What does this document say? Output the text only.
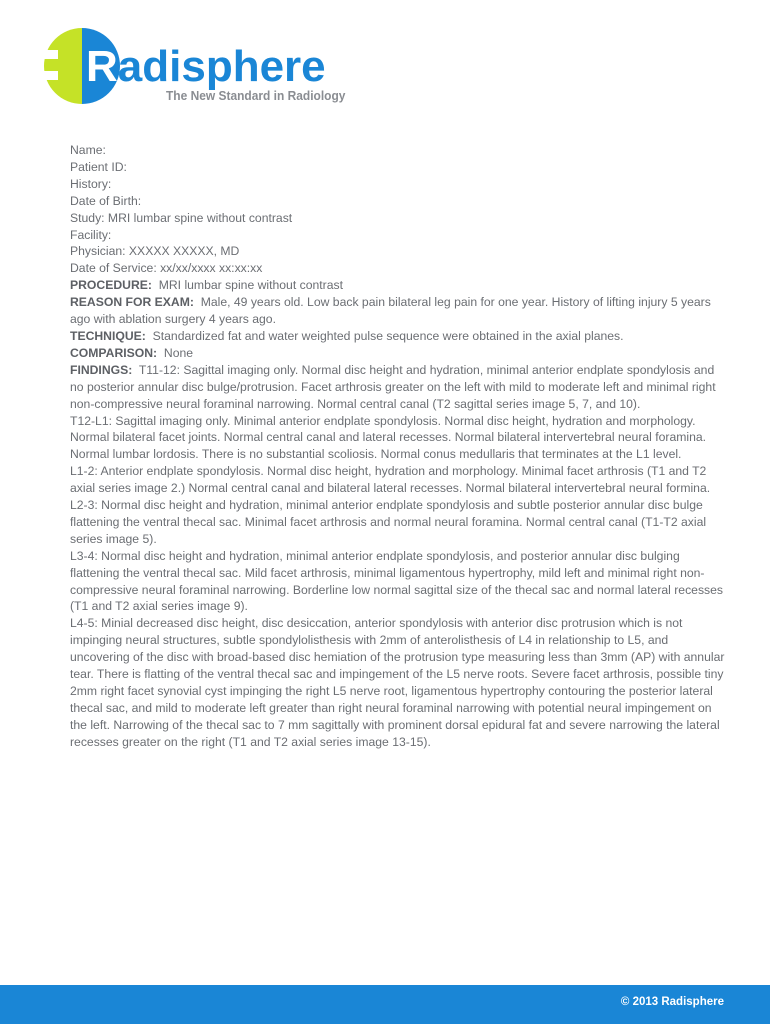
Radisphere
The New Standard in Radiology

Name:

Patient ID:

History:

Date of Birth:

Study: MRI lumbar spine without contrast

Facility:

Physician: XXXXX XXXXX, MD

Date of Service: xx/xx/xxxx xx:xx:xx

PROCEDURE: MRI lumbar spine without contrast

REASON FOR EXAM: Male, 49 years old. Low back pain bilateral leg pain for one year. History of lifting injury 5 years ago with ablation surgery 4 years ago.

TECHNIQUE: Standardized fat and water weighted pulse sequence were obtained in the axial planes.

COMPARISON: None

FINDINGS: T11-12: Sagittal imaging only. Normal disc height and hydration, minimal anterior endplate spondylosis and no posterior annular disc bulge/protrusion. Facet arthrosis greater on the left with mild to moderate left and minimal right non-compressive neural foraminal narrowing. Normal central canal (T2 sagittal series image 5, 7, and 10).

T12-L1: Sagittal imaging only. Minimal anterior endplate spondylosis. Normal disc height, hydration and morphology. Normal bilateral facet joints. Normal central canal and lateral recesses. Normal bilateral intervertebral neural foramina.

Normal lumbar lordosis. There is no substantial scoliosis. Normal conus medullaris that terminates at the L1 level.

L1-2: Anterior endplate spondylosis. Normal disc height, hydration and morphology. Minimal facet arthrosis (T1 and T2 axial series image 2.) Normal central canal and bilateral lateral recesses. Normal bilateral intervertebral neural formina.

L2-3: Normal disc height and hydration, minimal anterior endplate spondylosis and subtle posterior annular disc bulge flattening the ventral thecal sac. Minimal facet arthrosis and normal neural foramina. Normal central canal (T1-T2 axial series image 5).

L3-4: Normal disc height and hydration, minimal anterior endplate spondylosis, and posterior annular disc bulging flattening the ventral thecal sac. Mild facet arthrosis, minimal ligamentous hypertrophy, mild left and minimal right non-compressive neural foraminal narrowing. Borderline low normal sagittal size of the thecal sac and normal lateral recesses (T1 and T2 axial series image 9).

L4-5: Minial decreased disc height, disc desiccation, anterior spondylosis with anterior disc protrusion which is not impinging neural structures, subtle spondylolisthesis with 2mm of anterolisthesis of L4 in relationship to L5, and uncovering of the disc with broad-based disc hemiation of the protrusion type measuring less than 3mm (AP) with annular tear. There is flatting of the ventral thecal sac and impingement of the L5 nerve roots. Severe facet arthrosis, possible tiny 2mm right facet synovial cyst impinging the right L5 nerve root, ligamentous hypertrophy contouring the posterior lateral thecal sac, and mild to moderate left greater than right neural foraminal narrowing with potential neural impingement on the left. Narrowing of the thecal sac to 7 mm sagittally with prominent dorsal epidural fat and severe narrowing the lateral recesses greater on the right (T1 and T2 axial series image 13-15).

© 2013 Radisphere
